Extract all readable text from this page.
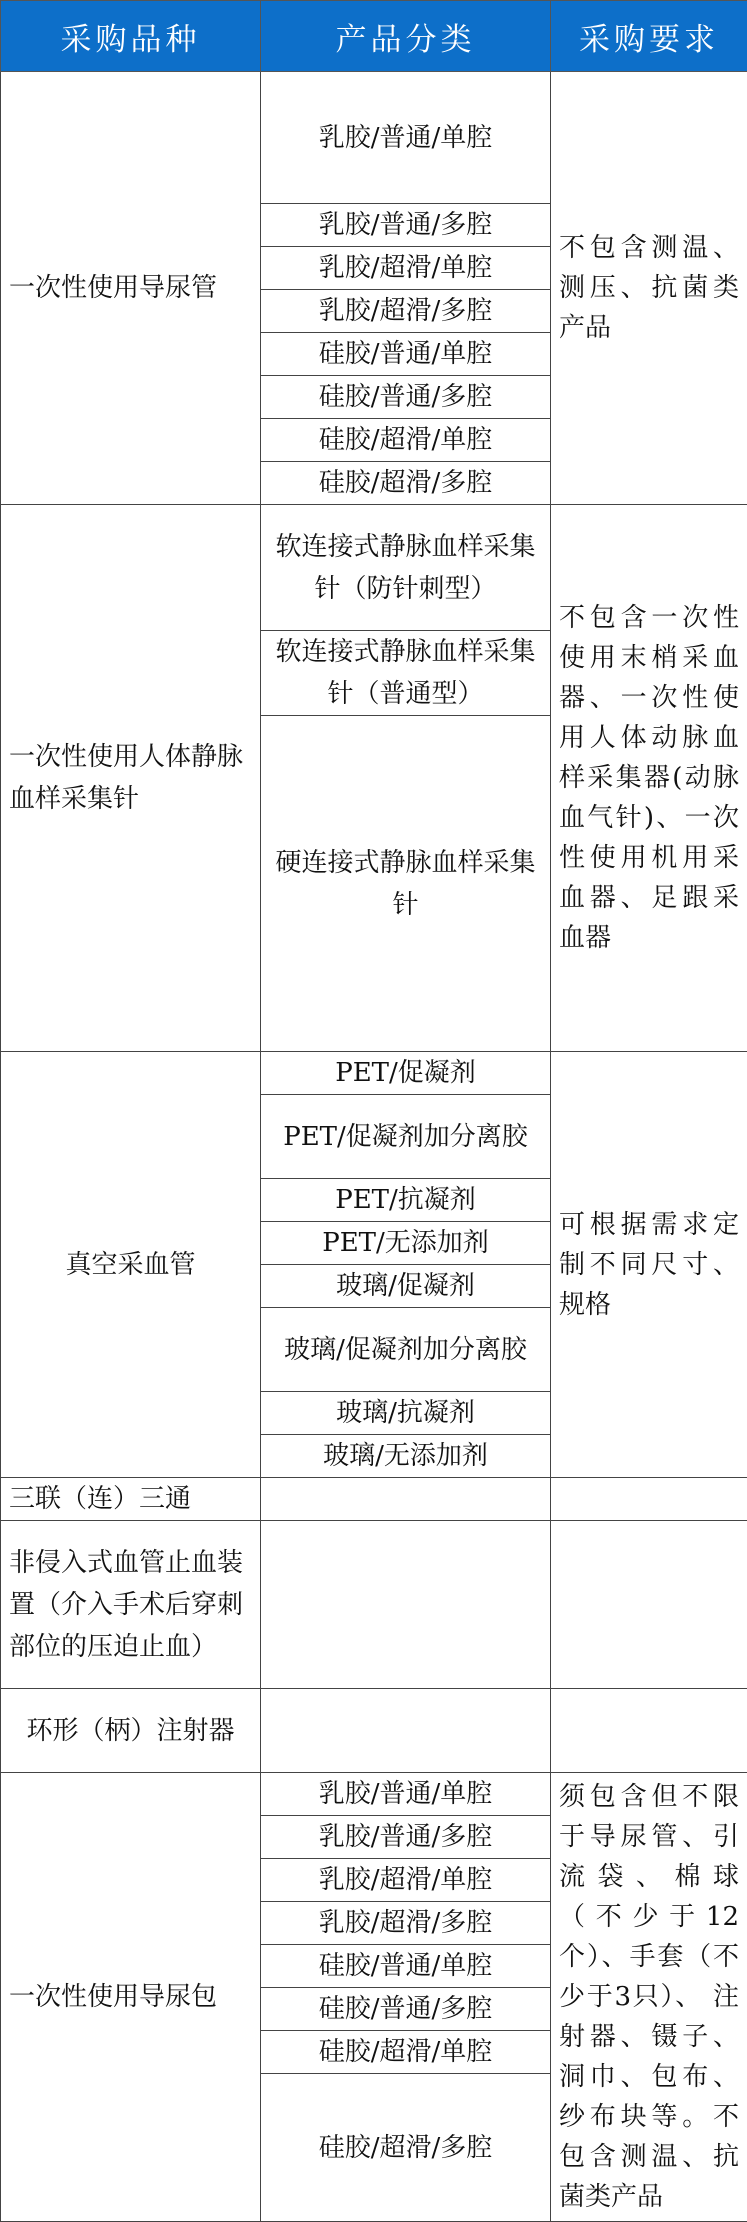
采购品种	产品分类	采购要求
一次性使用导尿管	乳胶/普通/单腔	不包含测温、测压、抗菌类产品
	乳胶/普通/多腔	
	乳胶/超滑/单腔	
	乳胶/超滑/多腔	
	硅胶/普通/单腔	
	硅胶/普通/多腔	
	硅胶/超滑/单腔	
	硅胶/超滑/多腔	
一次性使用人体静脉血样采集针	软连接式静脉血样采集针（防针刺型）	不包含一次性使用末梢采血器、一次性使用人体动脉血样采集器(动脉血气针)、一次性使用机用采血器、足跟采血器
	软连接式静脉血样采集针（普通型）	
	硬连接式静脉血样采集针	
真空采血管	PET/促凝剂	可根据需求定制不同尺寸、规格
	PET/促凝剂加分离胶	
	PET/抗凝剂	
	PET/无添加剂	
	玻璃/促凝剂	
	玻璃/促凝剂加分离胶	
	玻璃/抗凝剂	
	玻璃/无添加剂	
三联（连）三通		
非侵入式血管止血装置（介入手术后穿刺部位的压迫止血）		
环形（柄）注射器		
一次性使用导尿包	乳胶/普通/单腔	须包含但不限于导尿管、引流袋、棉球（不少于12个）、手套（不少于3只）、 注射器、镊子、洞巾、包布、纱布块等。不包含测温、抗菌类产品
	乳胶/普通/多腔	
	乳胶/超滑/单腔	
	乳胶/超滑/多腔	
	硅胶/普通/单腔	
	硅胶/普通/多腔	
	硅胶/超滑/单腔	
	硅胶/超滑/多腔	
